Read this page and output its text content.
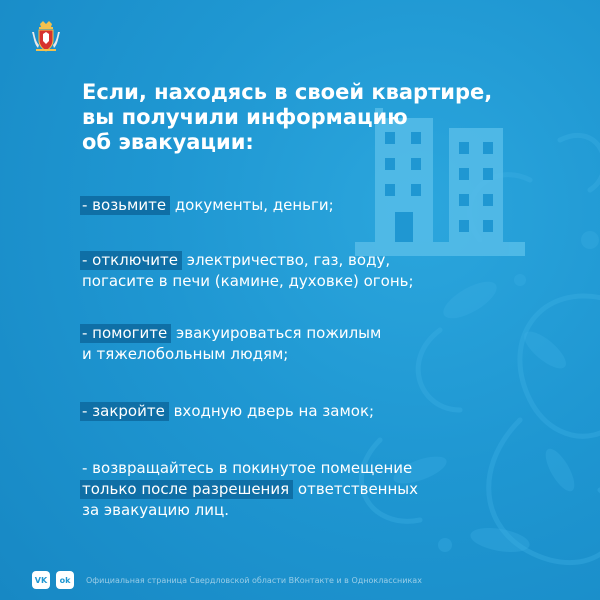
Если, находясь в своей квартире,
вы получили информацию
об эвакуации:
- возьмите документы, деньги;
- отключите электричество, газ, воду,
погасите в печи (камине, духовке) огонь;
- помогите эвакуироваться пожилым
и тяжелобольным людям;
- закройте входную дверь на замок;
- возвращайтесь в покинутое помещение
только после разрешения ответственных
за эвакуацию лиц.
VK ok Официальная страница Свердловской области ВКонтакте и в Одноклассниках
